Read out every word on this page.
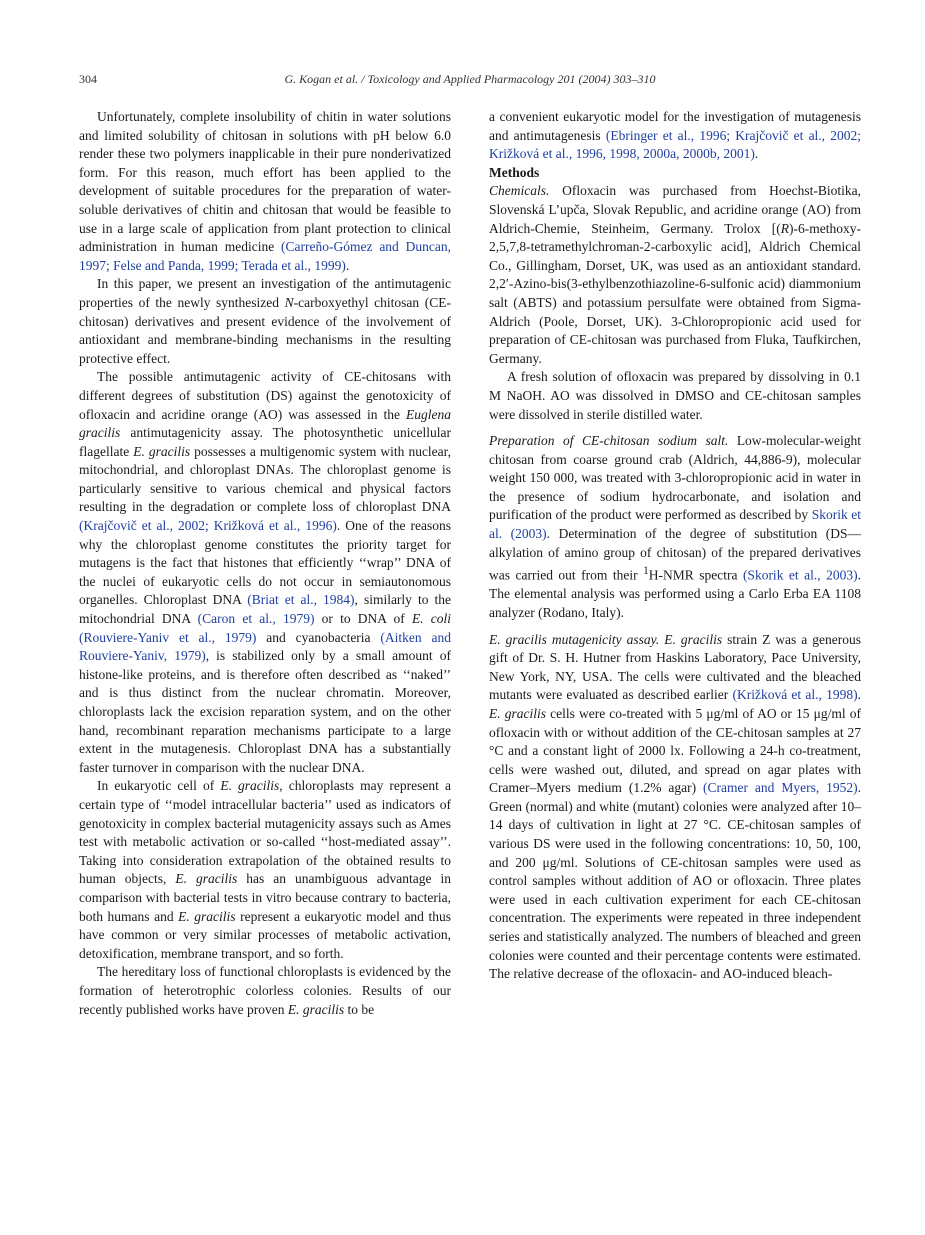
304	G. Kogan et al. / Toxicology and Applied Pharmacology 201 (2004) 303–310

Unfortunately, complete insolubility of chitin in water solutions and limited solubility of chitosan in solutions with pH below 6.0 render these two polymers inapplicable in their pure nonderivatized form. For this reason, much effort has been applied to the development of suitable procedures for the preparation of water-soluble derivatives of chitin and chitosan that would be feasible to use in a large scale of application from plant protection to clinical administration in human medicine (Carreño-Gómez and Duncan, 1997; Felse and Panda, 1999; Terada et al., 1999).

In this paper, we present an investigation of the antimutagenic properties of the newly synthesized N-carboxyethyl chitosan (CE-chitosan) derivatives and present evidence of the involvement of antioxidant and membrane-binding mechanisms in the resulting protective effect.

The possible antimutagenic activity of CE-chitosans with different degrees of substitution (DS) against the genotoxicity of ofloxacin and acridine orange (AO) was assessed in the Euglena gracilis antimutagenicity assay. The photosynthetic unicellular flagellate E. gracilis possesses a multigenomic system with nuclear, mitochondrial, and chloroplast DNAs. The chloroplast genome is particularly sensitive to various chemical and physical factors resulting in the degradation or complete loss of chloroplast DNA (Krajčovič et al., 2002; Križková et al., 1996). One of the reasons why the chloroplast genome constitutes the priority target for mutagens is the fact that histones that efficiently ‘‘wrap’’ DNA of the nuclei of eukaryotic cells do not occur in semiautonomous organelles. Chloroplast DNA (Briat et al., 1984), similarly to the mitochondrial DNA (Caron et al., 1979) or to DNA of E. coli (Rouviere-Yaniv et al., 1979) and cyanobacteria (Aitken and Rouviere-Yaniv, 1979), is stabilized only by a small amount of histone-like proteins, and is therefore often described as ‘‘naked’’ and is thus distinct from the nuclear chromatin. Moreover, chloroplasts lack the excision reparation system, and on the other hand, recombinant reparation mechanisms participate to a large extent in the mutagenesis. Chloroplast DNA has a substantially faster turnover in comparison with the nuclear DNA.

In eukaryotic cell of E. gracilis, chloroplasts may represent a certain type of ‘‘model intracellular bacteria’’ used as indicators of genotoxicity in complex bacterial mutagenicity assays such as Ames test with metabolic activation or so-called ‘‘host-mediated assay’’. Taking into consideration extrapolation of the obtained results to human objects, E. gracilis has an unambiguous advantage in comparison with bacterial tests in vitro because contrary to bacteria, both humans and E. gracilis represent a eukaryotic model and thus have common or very similar processes of metabolic activation, detoxification, membrane transport, and so forth.

The hereditary loss of functional chloroplasts is evidenced by the formation of heterotrophic colorless colonies. Results of our recently published works have proven E. gracilis to be

a convenient eukaryotic model for the investigation of mutagenesis and antimutagenesis (Ebringer et al., 1996; Krajčovič et al., 2002; Križková et al., 1996, 1998, 2000a, 2000b, 2001).

Methods

Chemicals. Ofloxacin was purchased from Hoechst-Biotika, Slovenská L’upča, Slovak Republic, and acridine orange (AO) from Aldrich-Chemie, Steinheim, Germany. Trolox [(R)-6-methoxy-2,5,7,8-tetramethylchroman-2-carboxylic acid], Aldrich Chemical Co., Gillingham, Dorset, UK, was used as an antioxidant standard. 2,2′-Azino-bis(3-ethylbenzothiazoline-6-sulfonic acid) diammonium salt (ABTS) and potassium persulfate were obtained from Sigma-Aldrich (Poole, Dorset, UK). 3-Chloropropionic acid used for preparation of CE-chitosan was purchased from Fluka, Taufkirchen, Germany.

A fresh solution of ofloxacin was prepared by dissolving in 0.1 M NaOH. AO was dissolved in DMSO and CE-chitosan samples were dissolved in sterile distilled water.

Preparation of CE-chitosan sodium salt. Low-molecular-weight chitosan from coarse ground crab (Aldrich, 44,886-9), molecular weight 150 000, was treated with 3-chloropropionic acid in water in the presence of sodium hydrocarbonate, and isolation and purification of the product were performed as described by Skorik et al. (2003). Determination of the degree of substitution (DS—alkylation of amino group of chitosan) of the prepared derivatives was carried out from their $^1$H-NMR spectra (Skorik et al., 2003). The elemental analysis was performed using a Carlo Erba EA 1108 analyzer (Rodano, Italy).

E. gracilis mutagenicity assay. E. gracilis strain Z was a generous gift of Dr. S. H. Hutner from Haskins Laboratory, Pace University, New York, NY, USA. The cells were cultivated and the bleached mutants were evaluated as described earlier (Križková et al., 1998). E. gracilis cells were co-treated with 5 μg/ml of AO or 15 μg/ml of ofloxacin with or without addition of the CE-chitosan samples at 27 °C and a constant light of 2000 lx. Following a 24-h co-treatment, cells were washed out, diluted, and spread on agar plates with Cramer–Myers medium (1.2% agar) (Cramer and Myers, 1952). Green (normal) and white (mutant) colonies were analyzed after 10–14 days of cultivation in light at 27 °C. CE-chitosan samples of various DS were used in the following concentrations: 10, 50, 100, and 200 μg/ml. Solutions of CE-chitosan samples were used as control samples without addition of AO or ofloxacin. Three plates were used in each cultivation experiment for each CE-chitosan concentration. The experiments were repeated in three independent series and statistically analyzed. The numbers of bleached and green colonies were counted and their percentage contents were estimated. The relative decrease of the ofloxacin- and AO-induced bleach-
